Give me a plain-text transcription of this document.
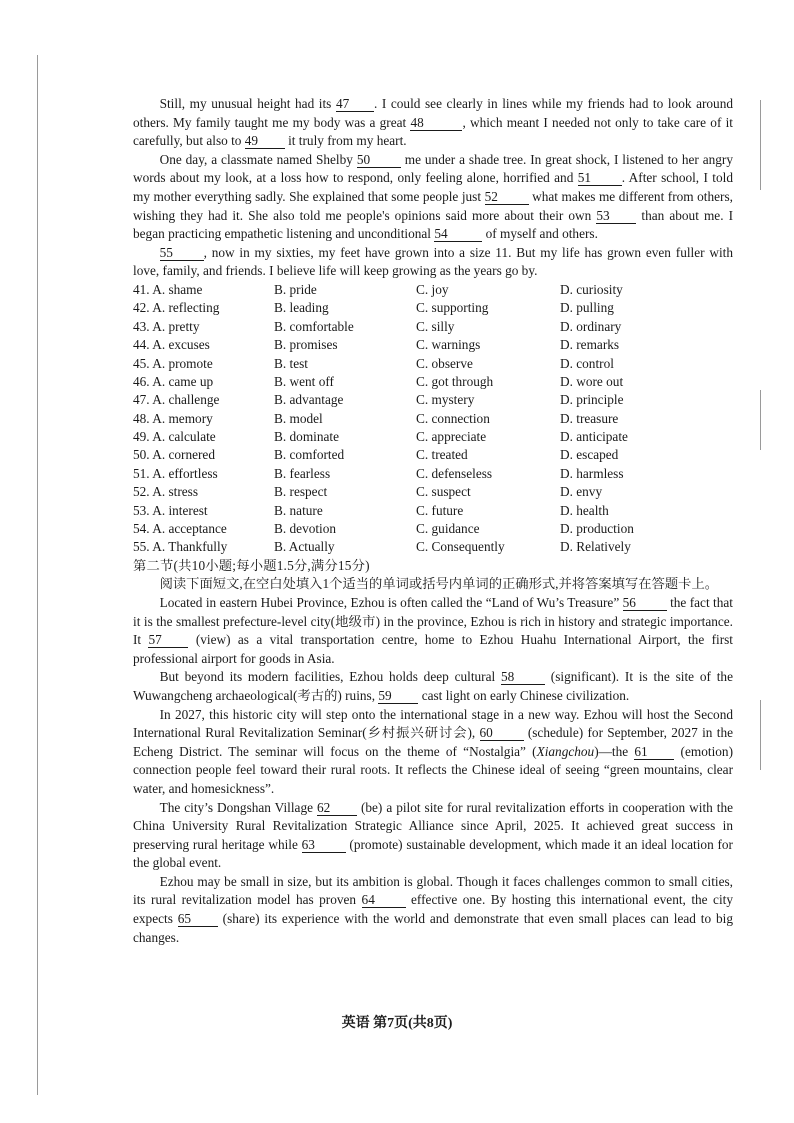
Still, my unusual height had its 47 . I could see clearly in lines while my friends had to look around others. My family taught me my body was a great 48	, which meant I needed not only to take care of it carefully, but also to 49 it truly from my heart.

One day, a classmate named Shelby 50 me under a shade tree. In great shock, I listened to her angry words about my look, at a loss how to respond, only feeling alone, horrified and 51 . After school, I told my mother everything sadly. She explained that some people just 52 what makes me different from others, wishing they had it. She also told me people's opinions said more about their own 53 than about me. I began practicing empathetic listening and unconditional 54	of myself and others.

55 , now in my sixties, my feet have grown into a size 11. But my life has grown even fuller with love, family, and friends. I believe life will keep growing as the years go by.

41. A. shame	B. pride	C. joy	D. curiosity
42. A. reflecting	B. leading	C. supporting	D. pulling
43. A. pretty	B. comfortable	C. silly	D. ordinary
44. A. excuses	B. promises	C. warnings	D. remarks
45. A. promote	B. test	C. observe	D. control
46. A. came up	B. went off	C. got through	D. wore out
47. A. challenge	B. advantage	C. mystery	D. principle
48. A. memory	B. model	C. connection	D. treasure
49. A. calculate	B. dominate	C. appreciate	D. anticipate
50. A. cornered	B. comforted	C. treated	D. escaped
51. A. effortless	B. fearless	C. defenseless	D. harmless
52. A. stress	B. respect	C. suspect	D. envy
53. A. interest	B. nature	C. future	D. health
54. A. acceptance	B. devotion	C. guidance	D. production
55. A. Thankfully	B. Actually	C. Consequently	D. Relatively

第二节(共10小题;每小题1.5分,满分15分)

阅读下面短文,在空白处填入1个适当的单词或括号内单词的正确形式,并将答案填写在答题卡上。

Located in eastern Hubei Province, Ezhou is often called the “Land of Wu’s Treasure” 56 the fact that it is the smallest prefecture-level city(地级市) in the province, Ezhou is rich in history and strategic importance. It 57 (view) as a vital transportation centre, home to Ezhou Huahu International Airport, the first professional airport for goods in Asia.

But beyond its modern facilities, Ezhou holds deep cultural 58 (significant). It is the site of the Wuwangcheng archaeological(考古的) ruins, 59 cast light on early Chinese civilization.

In 2027, this historic city will step onto the international stage in a new way. Ezhou will host the Second International Rural Revitalization Seminar(乡村振兴研讨会), 60 (schedule) for September, 2027 in the Echeng District. The seminar will focus on the theme of “Nostalgia” (Xiangchou)—the 61 (emotion) connection people feel toward their rural roots. It reflects the Chinese ideal of seeing “green mountains, clear water, and homesickness”.

The city’s Dongshan Village 62 (be) a pilot site for rural revitalization efforts in cooperation with the China University Rural Revitalization Strategic Alliance since April, 2025. It achieved great success in preserving rural heritage while 63 (promote) sustainable development, which made it an ideal location for the global event.

Ezhou may be small in size, but its ambition is global. Though it faces challenges common to small cities, its rural revitalization model has proven 64 effective one. By hosting this international event, the city expects 65 (share) its experience with the world and demonstrate that even small places can lead to big changes.

英语 第7页(共8页)
